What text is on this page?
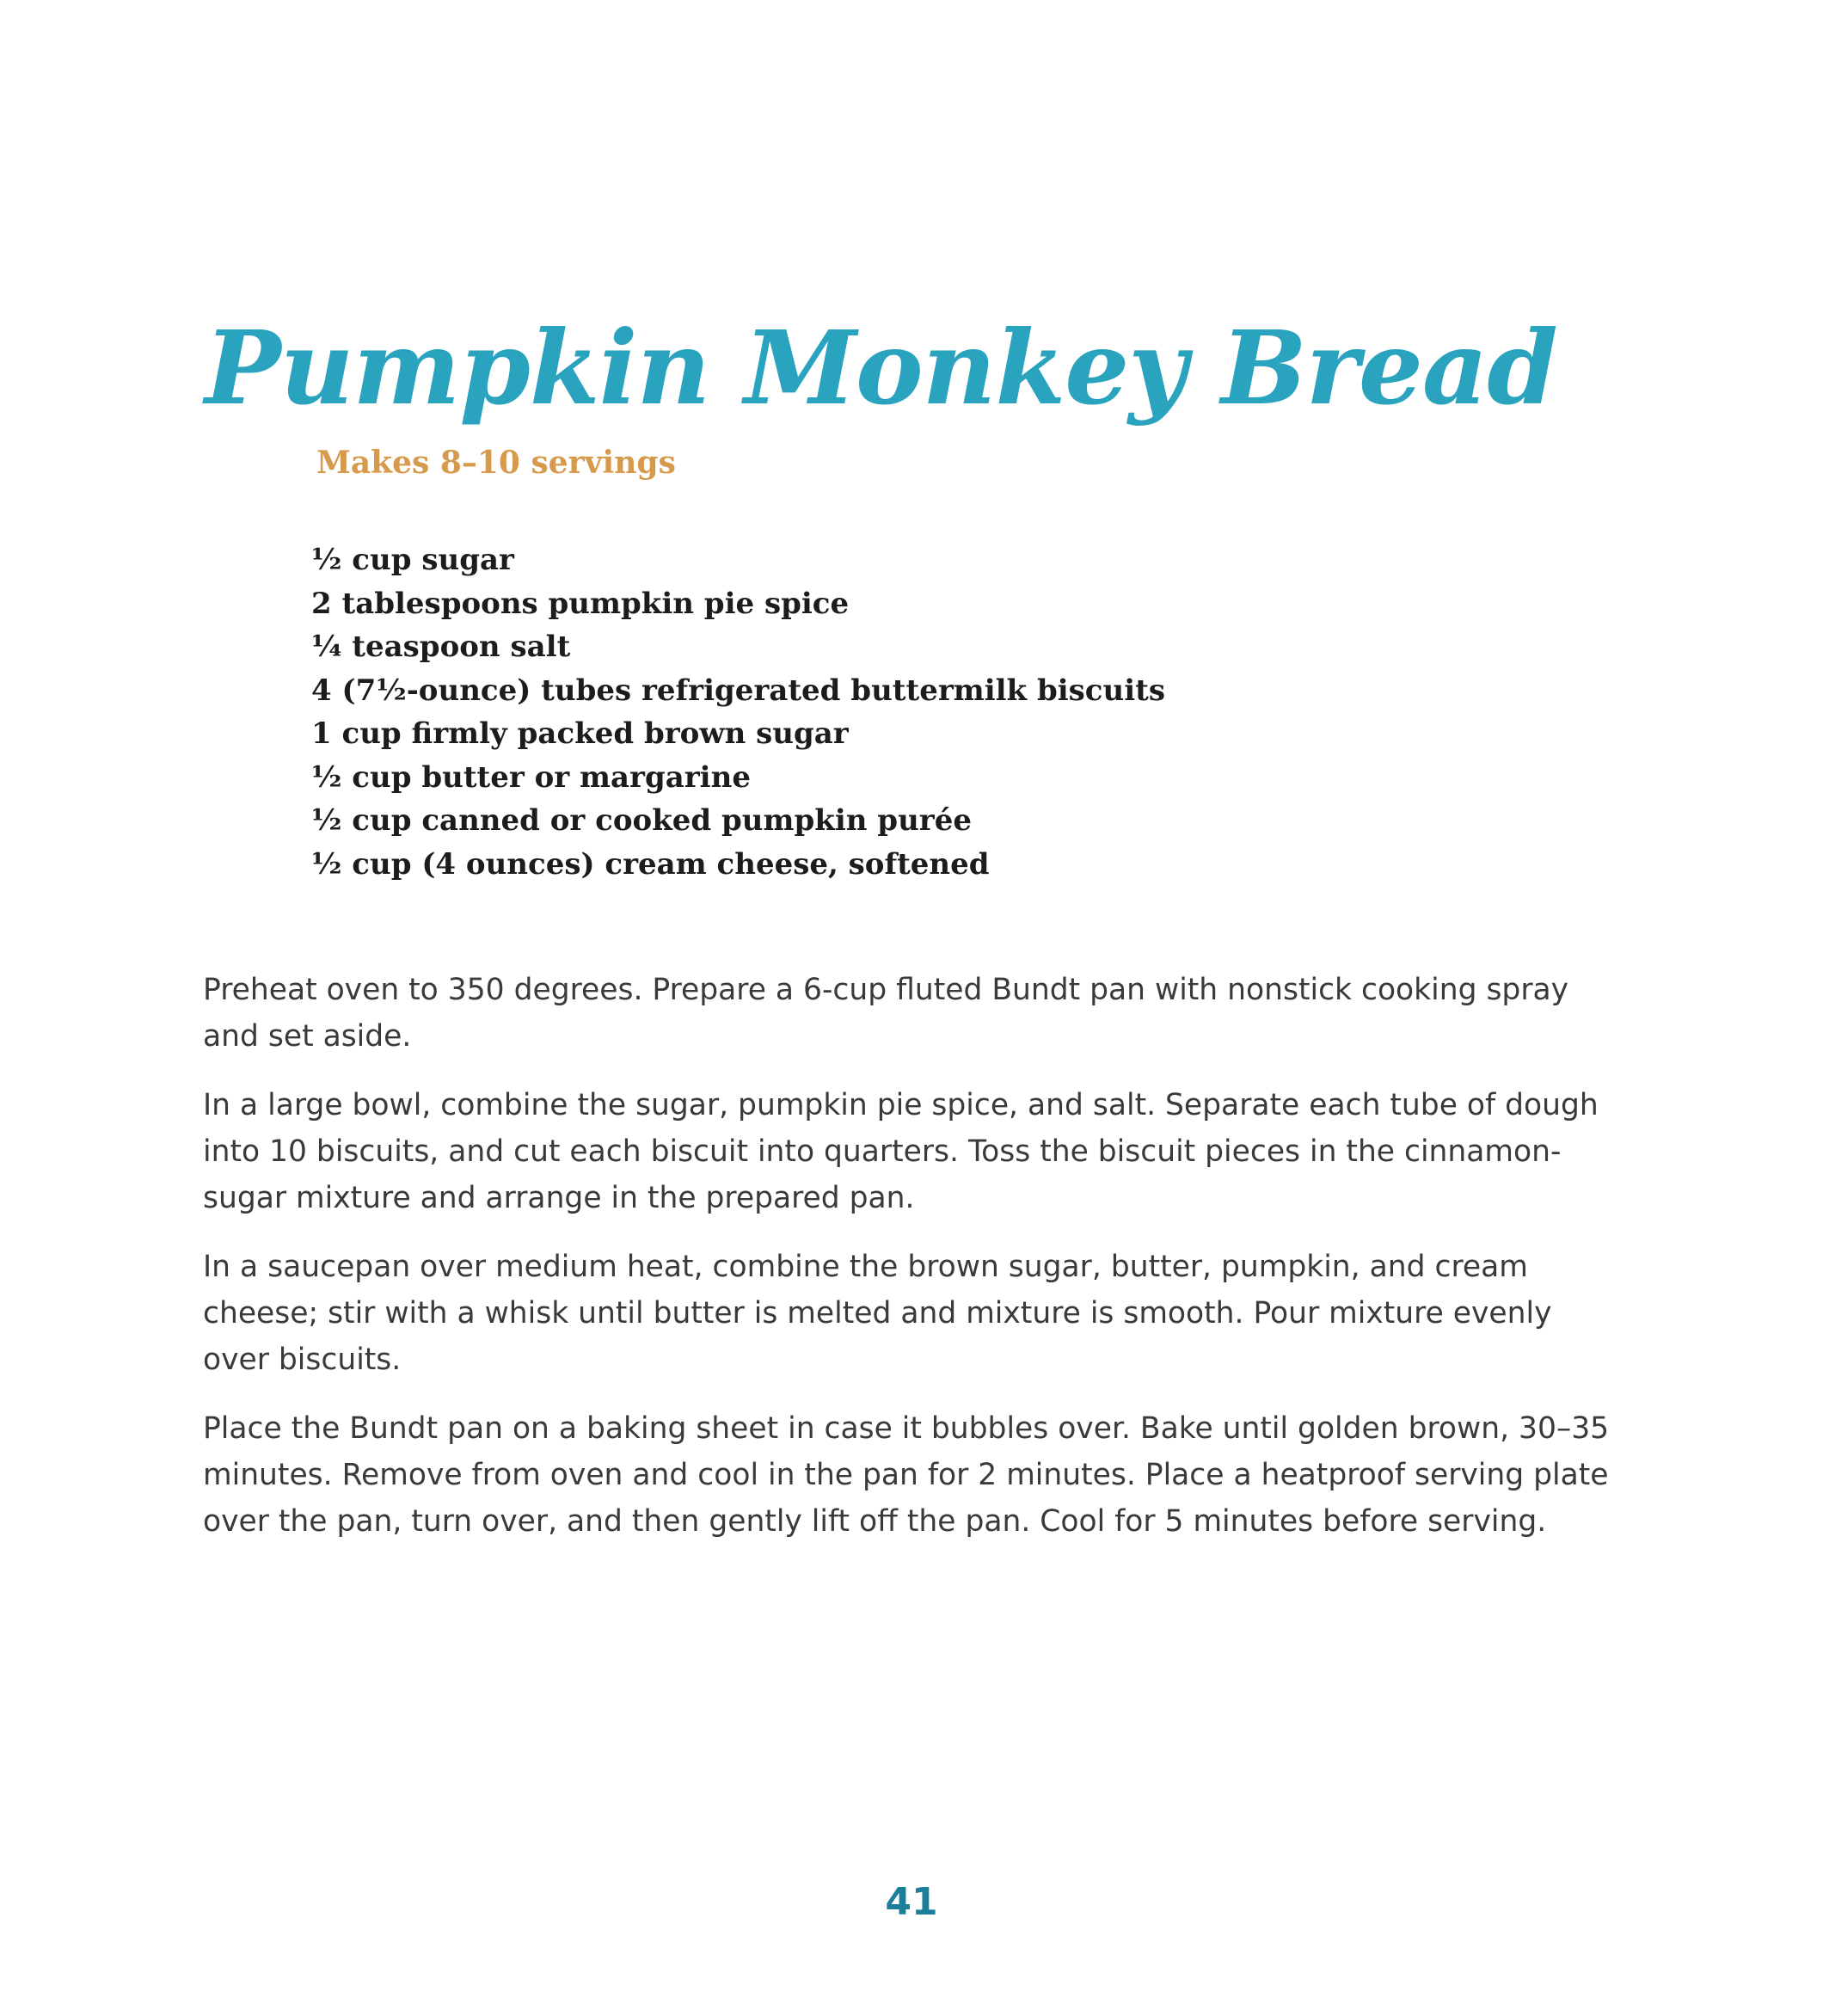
Pumpkin Monkey Bread
Makes 8–10 servings
½ cup sugar
2 tablespoons pumpkin pie spice
¼ teaspoon salt
4 (7½-ounce) tubes refrigerated buttermilk biscuits
1 cup firmly packed brown sugar
½ cup butter or margarine
½ cup canned or cooked pumpkin purée
½ cup (4 ounces) cream cheese, softened

Preheat oven to 350 degrees. Prepare a 6-cup fluted Bundt pan with nonstick cooking spray and set aside.

In a large bowl, combine the sugar, pumpkin pie spice, and salt. Separate each tube of dough into 10 biscuits, and cut each biscuit into quarters. Toss the biscuit pieces in the cinnamon-sugar mixture and arrange in the prepared pan.

In a saucepan over medium heat, combine the brown sugar, butter, pumpkin, and cream cheese; stir with a whisk until butter is melted and mixture is smooth. Pour mixture evenly over biscuits.

Place the Bundt pan on a baking sheet in case it bubbles over. Bake until golden brown, 30–35 minutes. Remove from oven and cool in the pan for 2 minutes. Place a heatproof serving plate over the pan, turn over, and then gently lift off the pan. Cool for 5 minutes before serving.

41
